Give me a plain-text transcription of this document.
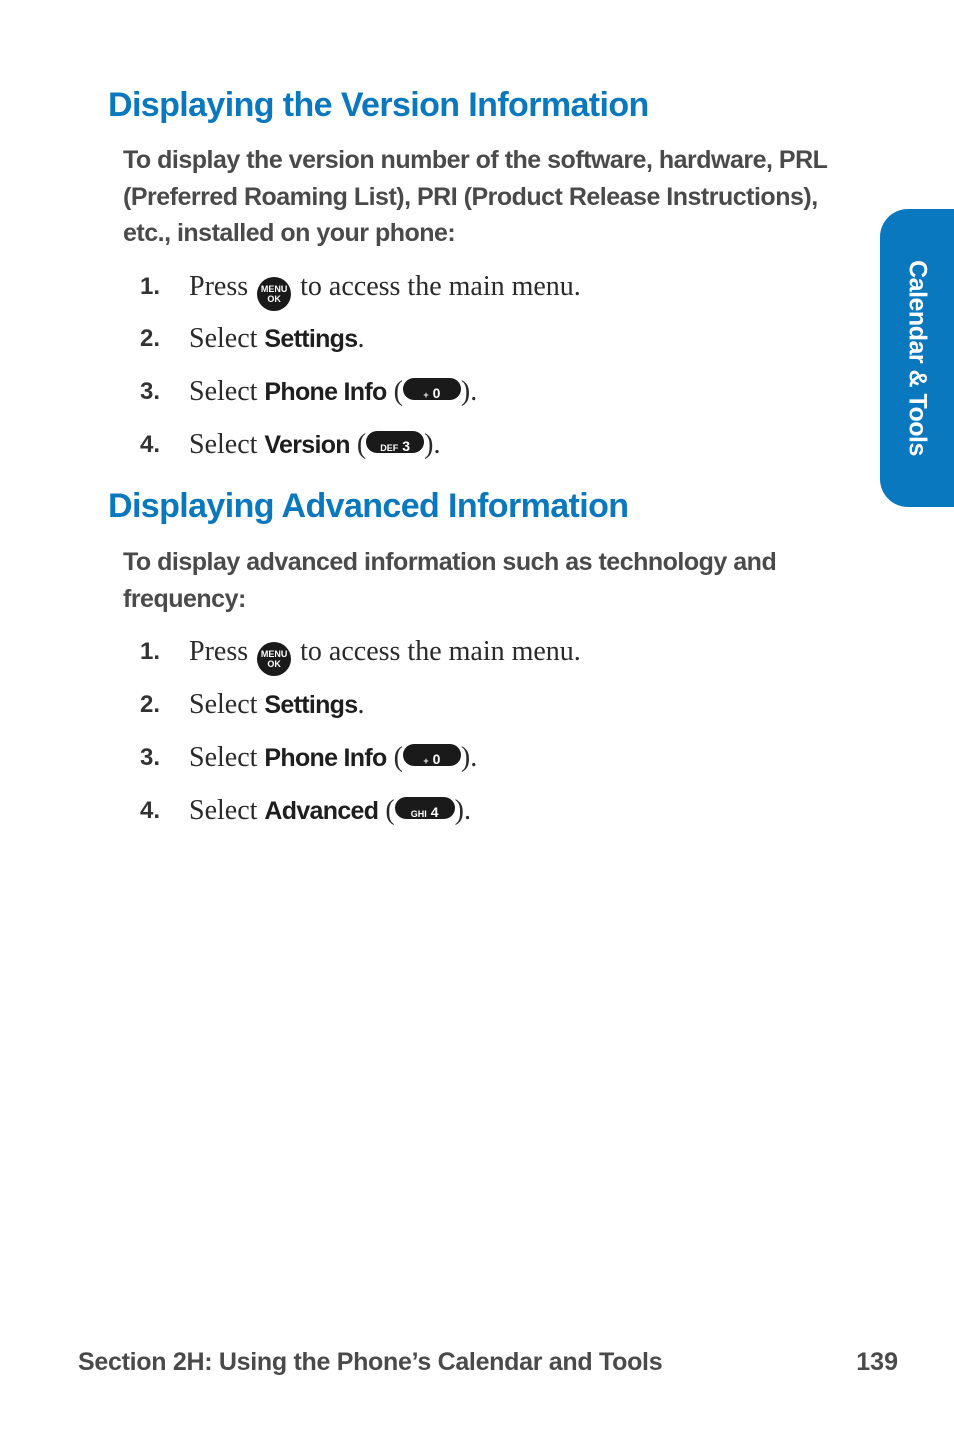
Calendar & Tools
Displaying the Version Information

To display the version number of the software, hardware, PRL (Preferred Roaming List), PRI (Product Release Instructions), etc., installed on your phone:

1. Press MENU
OK to access the main menu.
2. Select Settings.
3. Select Phone Info ( + 0 ).
4. Select Version ( DEF 3 ).
Displaying Advanced Information

To display advanced information such as technology and frequency:

1. Press MENU
OK to access the main menu.
2. Select Settings.
3. Select Phone Info ( + 0 ).
4. Select Advanced ( GHI 4 ).
Section 2H: Using the Phone’s Calendar and Tools	139
